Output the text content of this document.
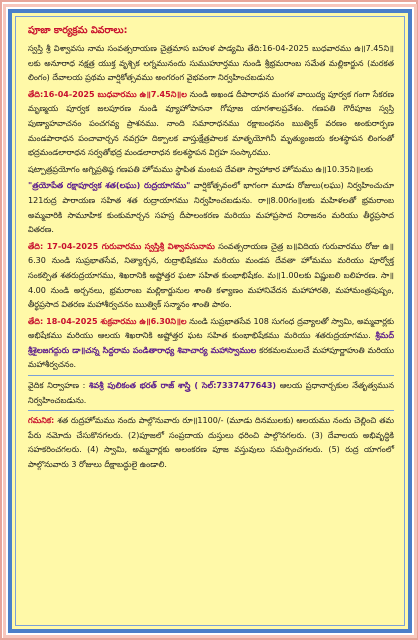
పూజా కార్యక్రమ వివరాలు:

స్వస్తి శ్రీ విశ్వావసు నామ సంవత్సరాయణ చైత్రమాస బహుళ పాడ్యమి తేది:16-04-2025 బుధవారము ఉ॥7.45ని॥లకు అనూరాధ నక్షత్ర యుక్త వృశ్చిక లగ్నమునందు సుముహూర్తము నుండి శ్రీభ్రమరాంబ సమేత మల్లికార్జున (మరకత లింగం) దేవాలయ ప్రథమ వార్షికోత్సవము అంగరంగ వైభవంగా నిర్వహించబడును

తేది:16-04-2025 బుధవారము ఉ॥7.45ని॥ల నుండి అఖండ దీపారాధన మంగళ వాయిద్య పూర్వక గంగా సేకరణ మృణ్మయ పూర్వక జలపూరణ నుండి వ్యూహోపాసనా గోపూజ యాగశాలప్రవేశం. గణపతి గౌరీపూజ స్వస్తి పుణ్యాహవాచనం పంచగవ్య ప్రాశనము. నాంది సమారాధనము రక్షాబంధనం ఋత్విక్ వరణం అంకురార్పణ మండపారాధన పంచావార్చన నవగ్రహ దిక్పాలక వాస్తుక్షేత్రపాలక మాతృయోగినీ మృత్యుంజయ కలశస్థాపన లింగంతో భద్రమండలారాధన సర్వతోభద్ర మండలారాధన కలశస్థాపన విగ్రహ సంస్కారము.

షట్పాత్రప్రయోగం అగ్నిప్రతిష్ఠ గణపతి హోమము స్థాపిత మంటప దేవతా స్వాహాకార హోమము ఉ॥10.35ని॥లకు

"త్రయోపేత రక్షాపూర్వక శత(లఘు) రుద్రయాగము" వార్షికోత్సవంలో భాగంగా మూడు రోజులు(లఘు) నిర్వహించుచూ 121రుద్ర పారాయణ సహిత శత రుద్రాయాగము నిర్వహించబడును. రా॥8.00గం॥లకు మహిళలతో భ్రమరాంబ అమ్మవారికి సామూహిక కుంకుమార్చన సహస్ర దీపాలంకరణ మరియు మహాప్రసాద నిరాజనం మరియు తీర్థప్రసాద వితరణ.

తేది: 17-04-2025 గురువారము స్వస్తిశ్రీ విశ్వావసునామ సంవత్సరాయణ చైత్ర బ॥విదియ గురువారము రోజు ఉ॥6.30 నుండి సుప్రభాతసేవ, నిత్యార్చన, రుద్రాభిషేకము మరియు మండప దేవతా హోమము మరియు పూర్వోక్త సంకల్పిత శతరుద్రయాగము, శిఖరానికి అష్టోత్తర ఘటా సహిత కుంభాభిషేకం. మ॥1.00లకు విష్ణుబలి బలిహరణ. సా॥4.00 నుండి అర్చనలు, భ్రమరాంబ మల్లికార్జునుల శాంతి కళ్యాణం మహానివేదన మహాహారతి, మహామంత్రపుష్పం, తీర్థప్రసాద వితరణ మహాశీర్వచనం ఋత్విక్ సన్మానం శాంతి పాఠం.

తేది: 18-04-2025 శుక్రవారము ఉ॥6.30ని॥ల నుండి సుప్రభాతసేవ 108 సుగంధ ద్రవ్యాలతో స్వామి, అమ్మవార్లకు అభిషేకము మరియు ఆలయ శిఖరానికి అష్టోత్తర ఘట సహిత కుంభాభిషేకము మరియు శతరుద్రయాగము. శ్రీమద్ శ్రీశైలజగద్గురు డా॥చన్న సిద్దరామ పండితారాధ్య శివాచార్య మహాస్వాముల కరకమలములచే మహాపూర్ణాహుతి మరియు మహాశీర్వచనం.

వైదిక నిర్వాహణ : శివశ్రీ పులికంత భరత్ రాజ్ శాస్త్రి ( సెల్:7337477643) ఆలయ ప్రధానార్చకుల నేతృత్వమున నిర్వహించబడును.

గమనిక: శత రుద్రహోమము నందు పాల్గొనువారు రూ॥1100/- (మూడు దినములకు) ఆలయము నందు చెల్లించి తమ పేరు నమోదు చేసుకొనగలరు. (2)పూజలో సంప్రదాయ దుస్తులు ధరించి పాల్గొనగలరు. (3) దేవాలయ అభివృద్ధికి సహకరించగలరు. (4) స్వామి, అమ్మవార్లకు అలంకరణ పూజ వస్తువులు సమర్పించగలరు. (5) రుద్ర యాగంలో పాల్గొనువారు 3 రోజులు దీక్షాబద్ధులై ఉండాలి.
